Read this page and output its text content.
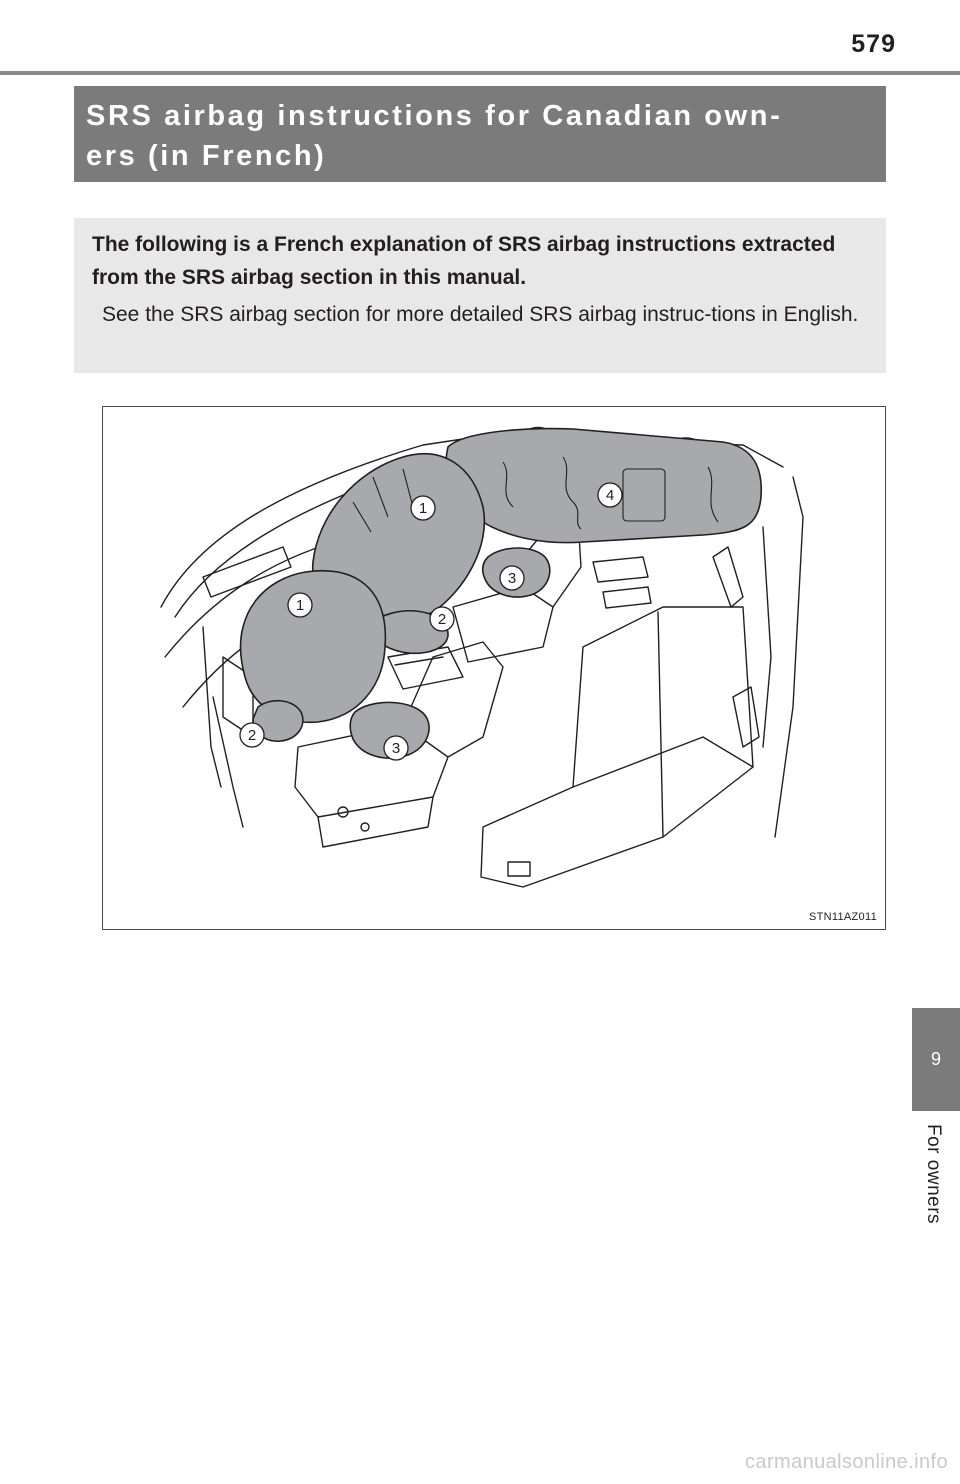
579
SRS airbag instructions for Canadian own-
ers (in French)

The following is a French explanation of SRS airbag instructions extracted from the SRS airbag section in this manual.

See the SRS airbag section for more detailed SRS airbag instruc-tions in English.

1
1
2
2
3
3
4
STN11AZ011
9
For owners
carmanualsonline.info
